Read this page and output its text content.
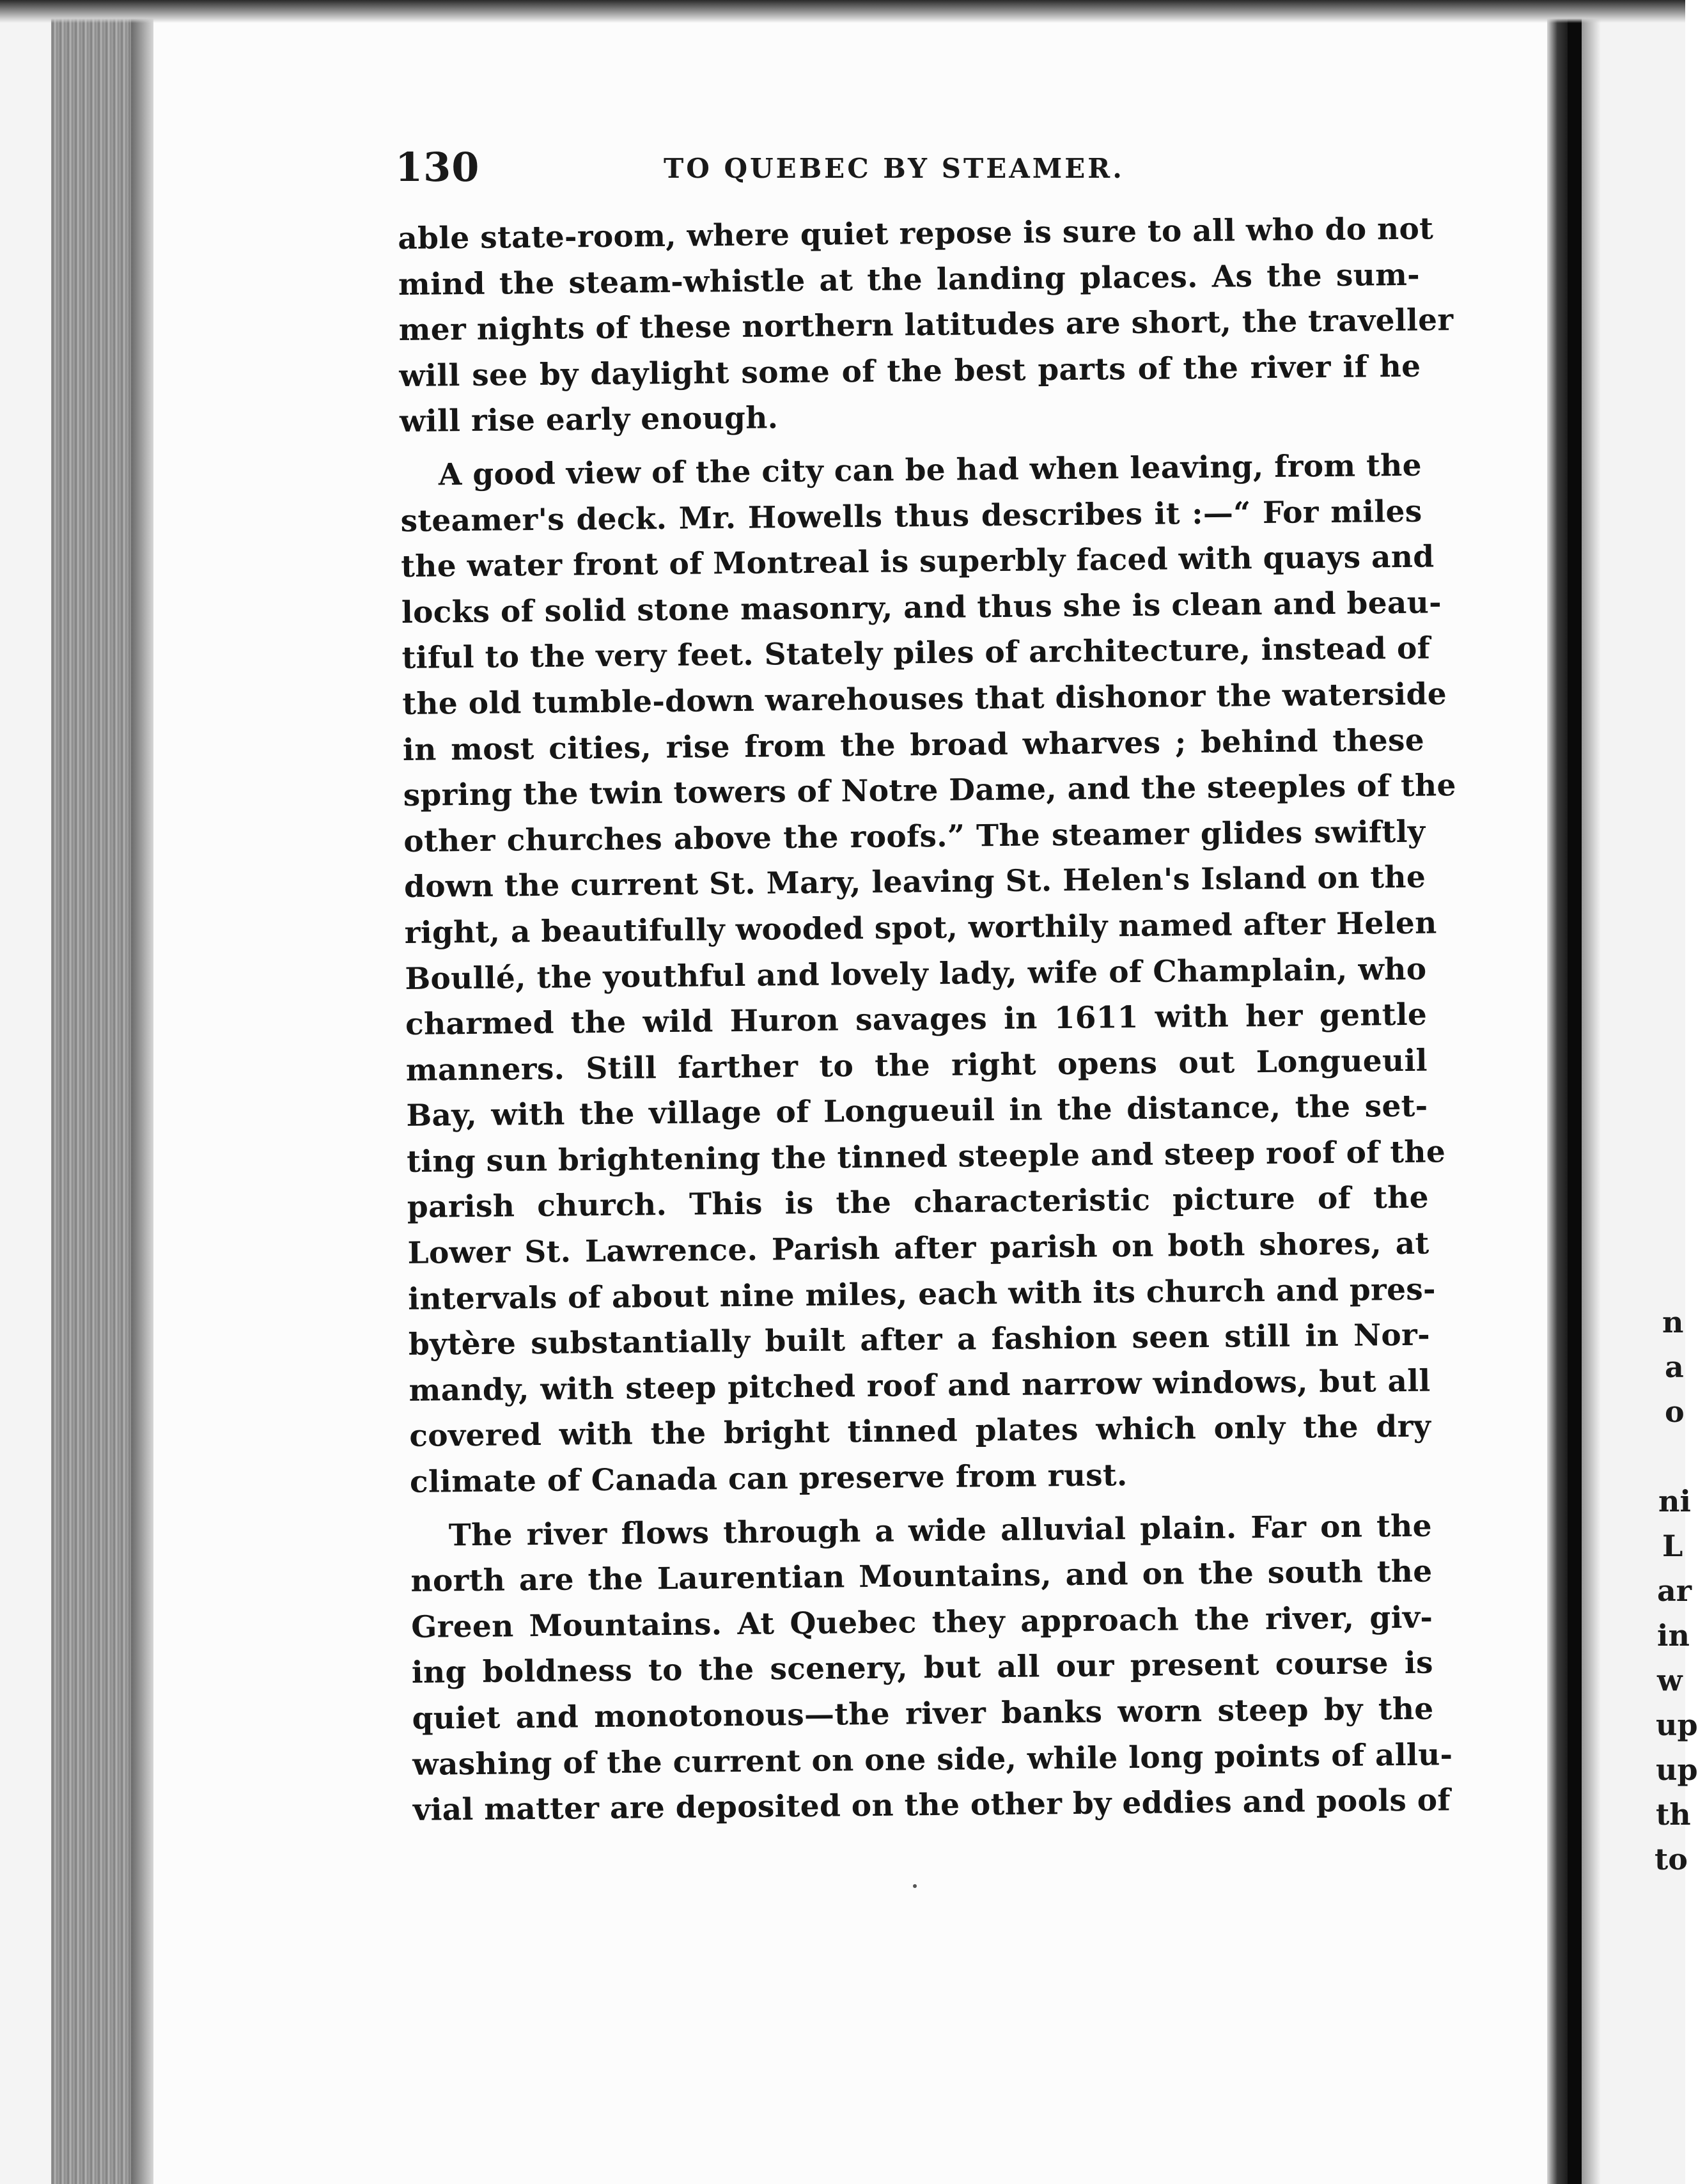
130	TO QUEBEC BY STEAMER.
able state-room, where quiet repose is sure to all who do not
mind the steam-whistle at the landing places. As the sum-
mer nights of these northern latitudes are short, the traveller
will see by daylight some of the best parts of the river if he
will rise early enough.
A good view of the city can be had when leaving, from the
steamer's deck. Mr. Howells thus describes it :—“ For miles
the water front of Montreal is superbly faced with quays and
locks of solid stone masonry, and thus she is clean and beau-
tiful to the very feet. Stately piles of architecture, instead of
the old tumble-down warehouses that dishonor the waterside
in most cities, rise from the broad wharves ; behind these
spring the twin towers of Notre Dame, and the steeples of the
other churches above the roofs.” The steamer glides swiftly
down the current St. Mary, leaving St. Helen's Island on the
right, a beautifully wooded spot, worthily named after Helen
Boullé, the youthful and lovely lady, wife of Champlain, who
charmed the wild Huron savages in 1611 with her gentle
manners. Still farther to the right opens out Longueuil
Bay, with the village of Longueuil in the distance, the set-
ting sun brightening the tinned steeple and steep roof of the
parish church. This is the characteristic picture of the
Lower St. Lawrence. Parish after parish on both shores, at
intervals of about nine miles, each with its church and pres-
bytère substantially built after a fashion seen still in Nor-
mandy, with steep pitched roof and narrow windows, but all
covered with the bright tinned plates which only the dry
climate of Canada can preserve from rust.
The river flows through a wide alluvial plain. Far on the
north are the Laurentian Mountains, and on the south the
Green Mountains. At Quebec they approach the river, giv-
ing boldness to the scenery, but all our present course is
quiet and monotonous—the river banks worn steep by the
washing of the current on one side, while long points of allu-
vial matter are deposited on the other by eddies and pools of
n
a
o
ni
L
ar
in
w
up
up
th
to
